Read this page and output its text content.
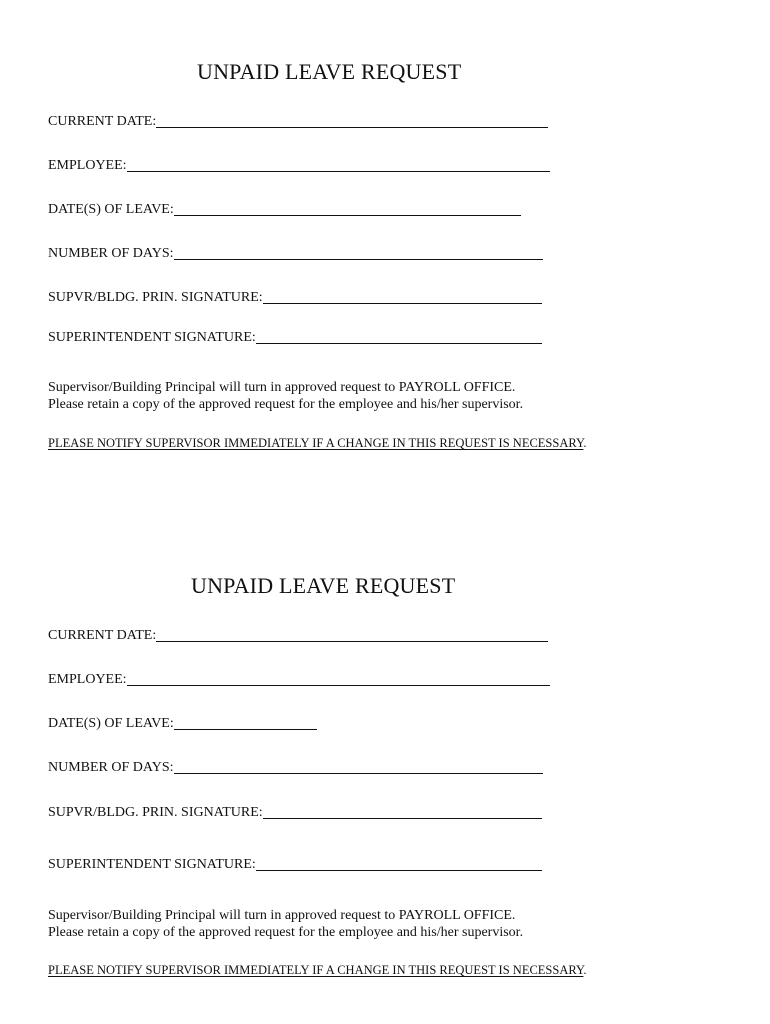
UNPAID LEAVE REQUEST
CURRENT DATE:
EMPLOYEE:
DATE(S) OF LEAVE:
NUMBER OF DAYS:
SUPVR/BLDG. PRIN. SIGNATURE:
SUPERINTENDENT SIGNATURE:
Supervisor/Building Principal will turn in approved request to PAYROLL OFFICE.
Please retain a copy of the approved request for the employee and his/her supervisor.
PLEASE NOTIFY SUPERVISOR IMMEDIATELY IF A CHANGE IN THIS REQUEST IS NECESSARY.
UNPAID LEAVE REQUEST
CURRENT DATE:
EMPLOYEE:
DATE(S) OF LEAVE:
NUMBER OF DAYS:
SUPVR/BLDG. PRIN. SIGNATURE:
SUPERINTENDENT SIGNATURE:
Supervisor/Building Principal will turn in approved request to PAYROLL OFFICE.
Please retain a copy of the approved request for the employee and his/her supervisor.
PLEASE NOTIFY SUPERVISOR IMMEDIATELY IF A CHANGE IN THIS REQUEST IS NECESSARY.
